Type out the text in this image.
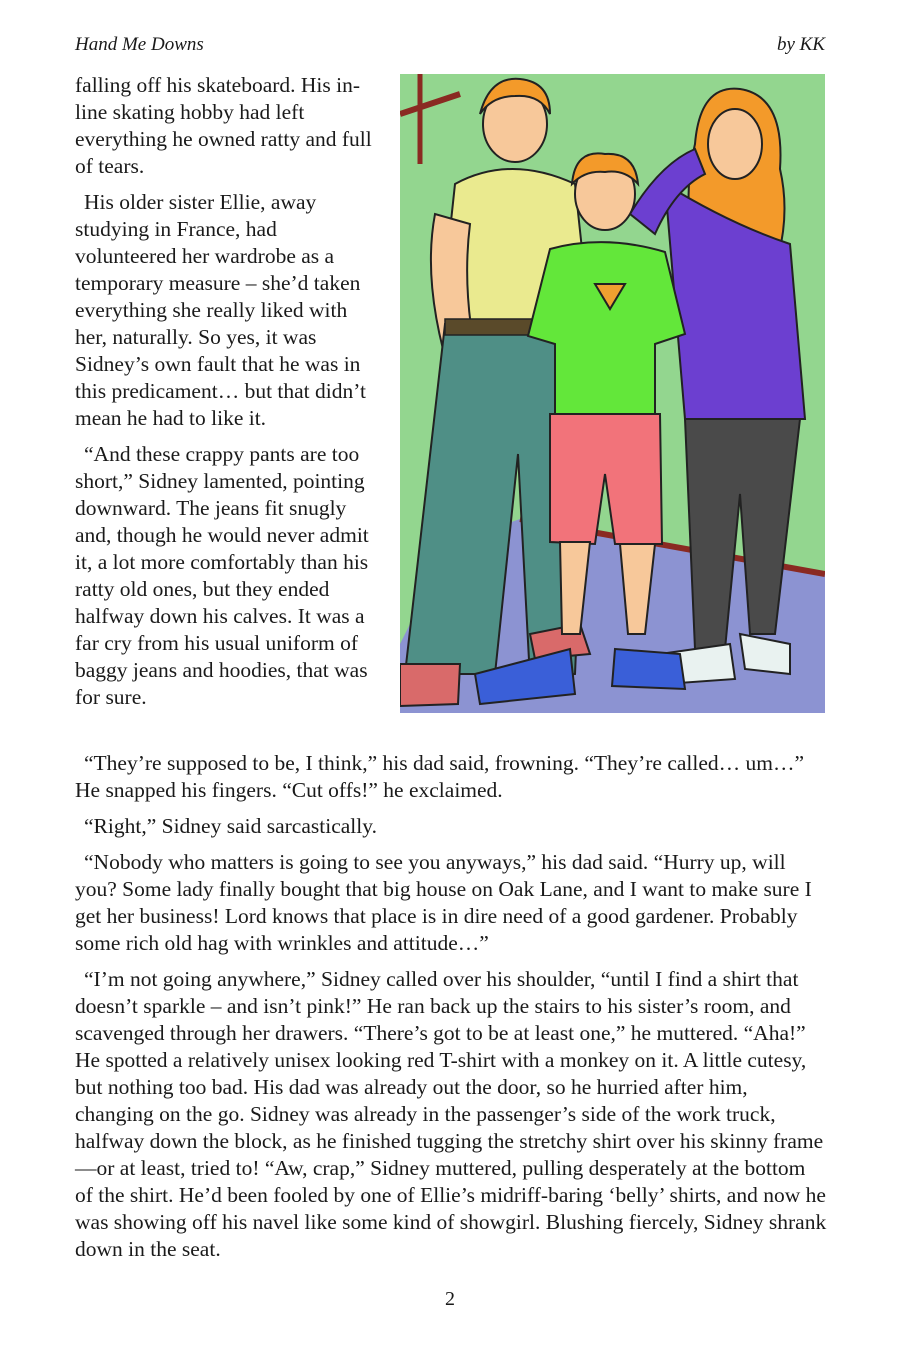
Hand Me Downs	by KK

falling off his skateboard. His in-line skating hobby had left everything he owned ratty and full of tears.

His older sister Ellie, away studying in France, had volunteered her wardrobe as a temporary measure – she’d taken everything she really liked with her, naturally. So yes, it was Sidney’s own fault that he was in this predicament… but that didn’t mean he had to like it.

“And these crappy pants are too short,” Sidney lamented, pointing downward. The jeans fit snugly and, though he would never admit it, a lot more comfortably than his ratty old ones, but they ended halfway down his calves. It was a far cry from his usual uniform of baggy jeans and hoodies, that was for sure.

“They’re supposed to be, I think,” his dad said, frowning. “They’re called… um…” He snapped his fingers. “Cut offs!” he exclaimed.

“Right,” Sidney said sarcastically.

“Nobody who matters is going to see you anyways,” his dad said. “Hurry up, will you? Some lady finally bought that big house on Oak Lane, and I want to make sure I get her business! Lord knows that place is in dire need of a good gardener. Probably some rich old hag with wrinkles and attitude…”

“I’m not going anywhere,” Sidney called over his shoulder, “until I find a shirt that doesn’t sparkle – and isn’t pink!” He ran back up the stairs to his sister’s room, and scavenged through her drawers. “There’s got to be at least one,” he muttered. “Aha!” He spotted a relatively unisex looking red T-shirt with a monkey on it. A little cutesy, but nothing too bad. His dad was already out the door, so he hurried after him, changing on the go. Sidney was already in the passenger’s side of the work truck, halfway down the block, as he finished tugging the stretchy shirt over his skinny frame—or at least, tried to! “Aw, crap,” Sidney muttered, pulling desperately at the bottom of the shirt. He’d been fooled by one of Ellie’s midriff-baring ‘belly’ shirts, and now he was showing off his navel like some kind of showgirl. Blushing fiercely, Sidney shrank down in the seat.

2
